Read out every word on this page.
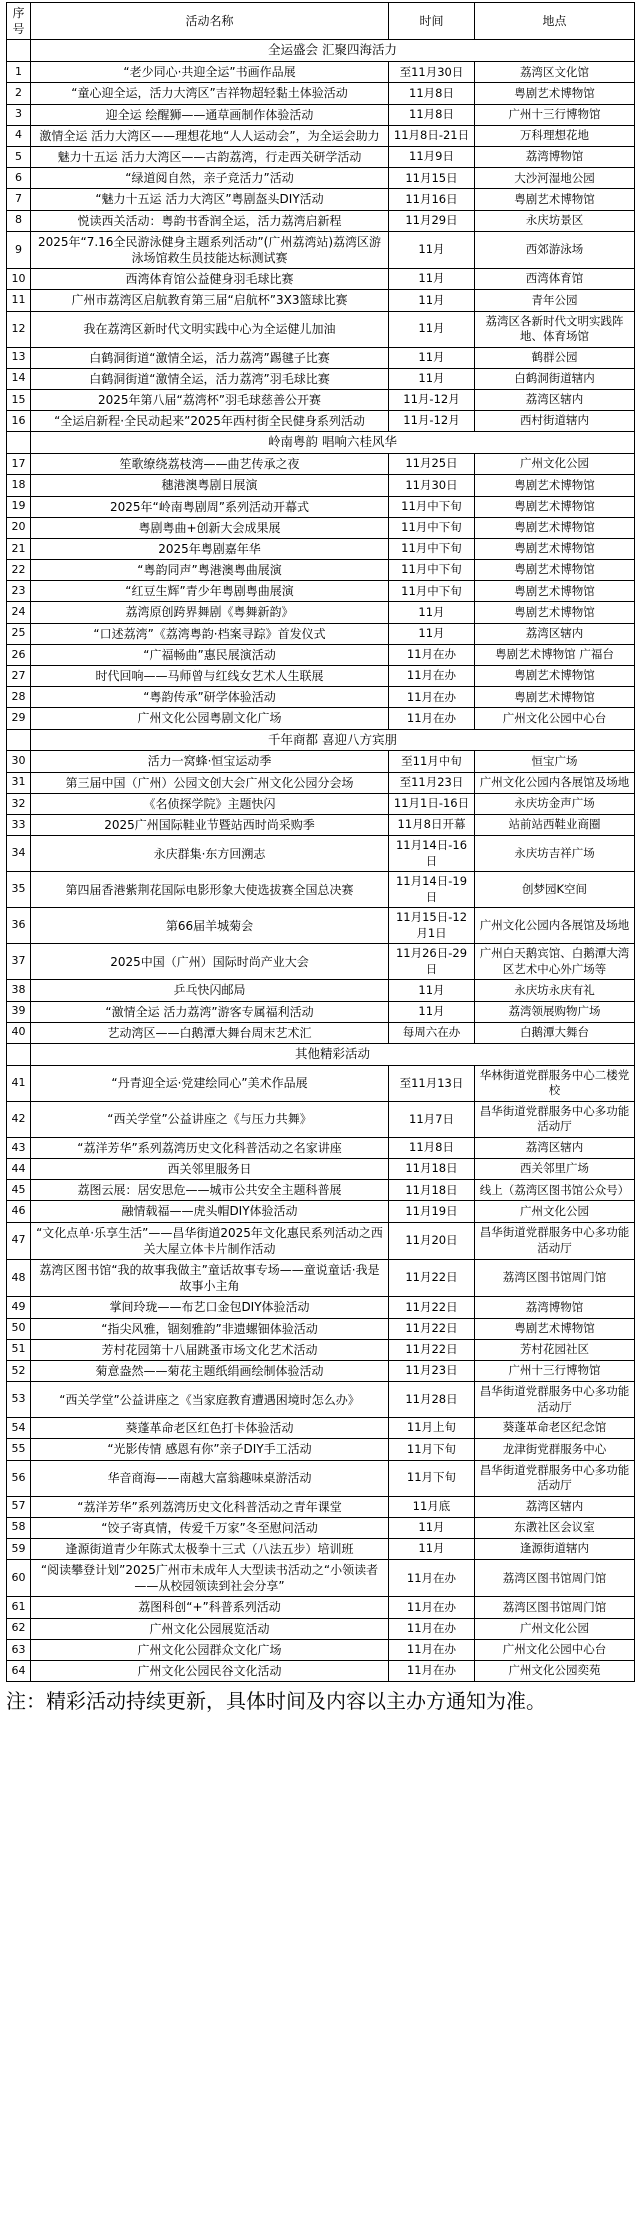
序号	活动名称	时间	地点
	全运盛会 汇聚四海活力		
1	“老少同心·共迎全运”书画作品展	至11月30日	荔湾区文化馆
2	“童心迎全运，活力大湾区”吉祥物超轻黏土体验活动	11月8日	粤剧艺术博物馆
3	迎全运 绘醒狮——通草画制作体验活动	11月8日	广州十三行博物馆
4	激情全运 活力大湾区——理想花地“人人运动会”，为全运会助力	11月8日-21日	万科理想花地
5	魅力十五运 活力大湾区——古韵荔湾，行走西关研学活动	11月9日	荔湾博物馆
6	“绿道阅自然，亲子竞活力”活动	11月15日	大沙河湿地公园
7	“魅力十五运 活力大湾区”粤剧盔头DIY活动	11月16日	粤剧艺术博物馆
8	悦读西关活动：粤韵书香润全运，活力荔湾启新程	11月29日	永庆坊景区
9	2025年“7.16全民游泳健身主题系列活动”(广州荔湾站)荔湾区游泳场馆救生员技能达标测试赛	11月	西郊游泳场
10	西湾体育馆公益健身羽毛球比赛	11月	西湾体育馆
11	广州市荔湾区启航教育第三届“启航杯”3X3篮球比赛	11月	青年公园
12	我在荔湾区新时代文明实践中心为全运健儿加油	11月	荔湾区各新时代文明实践阵地、体育场馆
13	白鹤洞街道“激情全运，活力荔湾”踢毽子比赛	11月	鹤群公园
14	白鹤洞街道“激情全运，活力荔湾”羽毛球比赛	11月	白鹤洞街道辖内
15	2025年第八届“荔湾杯”羽毛球慈善公开赛	11月-12月	荔湾区辖内
16	“全运启新程·全民动起来”2025年西村街全民健身系列活动	11月-12月	西村街道辖内
	岭南粤韵 唱响六桂风华		
17	笙歌缭绕荔枝湾——曲艺传承之夜	11月25日	广州文化公园
18	穗港澳粤剧日展演	11月30日	粤剧艺术博物馆
19	2025年“岭南粤剧周”系列活动开幕式	11月中下旬	粤剧艺术博物馆
20	粤剧粤曲+创新大会成果展	11月中下旬	粤剧艺术博物馆
21	2025年粤剧嘉年华	11月中下旬	粤剧艺术博物馆
22	“粤韵同声”粤港澳粤曲展演	11月中下旬	粤剧艺术博物馆
23	“红豆生辉”青少年粤剧粤曲展演	11月中下旬	粤剧艺术博物馆
24	荔湾原创跨界舞剧《粤舞新韵》	11月	粤剧艺术博物馆
25	“口述荔湾”《荔湾粤韵·档案寻踪》首发仪式	11月	荔湾区辖内
26	“广福畅曲”惠民展演活动	11月在办	粤剧艺术博物馆 广福台
27	时代回响——马师曾与红线女艺术人生联展	11月在办	粤剧艺术博物馆
28	“粤韵传承”研学体验活动	11月在办	粤剧艺术博物馆
29	广州文化公园粤剧文化广场	11月在办	广州文化公园中心台
	千年商都 喜迎八方宾朋		
30	活力一窝蜂·恒宝运动季	至11月中旬	恒宝广场
31	第三届中国（广州）公园文创大会广州文化公园分会场	至11月23日	广州文化公园内各展馆及场地
32	《名侦探学院》主题快闪	11月1日-16日	永庆坊金声广场
33	2025广州国际鞋业节暨站西时尚采购季	11月8日开幕	站前站西鞋业商圈
34	永庆群集·东方回溯志	11月14日-16日	永庆坊吉祥广场
35	第四届香港紫荆花国际电影形象大使选拔赛全国总决赛	11月14日-19日	创梦园K空间
36	第66届羊城菊会	11月15日-12月1日	广州文化公园内各展馆及场地
37	2025中国（广州）国际时尚产业大会	11月26日-29日	广州白天鹅宾馆、白鹅潭大湾区艺术中心外广场等
38	乒乓快闪邮局	11月	永庆坊永庆有礼
39	“激情全运 活力荔湾”游客专属福利活动	11月	荔湾领展购物广场
40	艺动湾区——白鹅潭大舞台周末艺术汇	每周六在办	白鹅潭大舞台
	其他精彩活动		
41	“丹青迎全运·党建绘同心”美术作品展	至11月13日	华林街道党群服务中心二楼党校
42	“西关学堂”公益讲座之《与压力共舞》	11月7日	昌华街道党群服务中心多功能活动厅
43	“荔洋芳华”系列荔湾历史文化科普活动之名家讲座	11月8日	荔湾区辖内
44	西关邻里服务日	11月18日	西关邻里广场
45	荔图云展：居安思危——城市公共安全主题科普展	11月18日	线上（荔湾区图书馆公众号）
46	融情载福——虎头帽DIY体验活动	11月19日	广州文化公园
47	“文化点单·乐享生活”——昌华街道2025年文化惠民系列活动之西关大屋立体卡片制作活动	11月20日	昌华街道党群服务中心多功能活动厅
48	荔湾区图书馆“我的故事我做主”童话故事专场——童说童话·我是故事小主角	11月22日	荔湾区图书馆周门馆
49	掌间玲珑——布艺口金包DIY体验活动	11月22日	荔湾博物馆
50	“指尖风雅，锢刻雅韵”非遗螺钿体验活动	11月22日	粤剧艺术博物馆
51	芳村花园第十八届跳蚤市场文化艺术活动	11月22日	芳村花园社区
52	菊意盎然——菊花主题纸绢画绘制体验活动	11月23日	广州十三行博物馆
53	“西关学堂”公益讲座之《当家庭教育遭遇困境时怎么办》	11月28日	昌华街道党群服务中心多功能活动厅
54	葵蓬革命老区红色打卡体验活动	11月上旬	葵蓬革命老区纪念馆
55	“光影传情 感恩有你”亲子DIY手工活动	11月下旬	龙津街党群服务中心
56	华音商海——南越大富翁趣味桌游活动	11月下旬	昌华街道党群服务中心多功能活动厅
57	“荔洋芳华”系列荔湾历史文化科普活动之青年课堂	11月底	荔湾区辖内
58	“饺子寄真情，传爱千万家”冬至慰问活动	11月	东漖社区会议室
59	逢源街道青少年陈式太极拳十三式（八法五步）培训班	11月	逢源街道辖内
60	“阅读攀登计划”2025广州市未成年人大型读书活动之“小领读者——从校园领读到社会分享”	11月在办	荔湾区图书馆周门馆
61	荔图科创“+”科普系列活动	11月在办	荔湾区图书馆周门馆
62	广州文化公园展览活动	11月在办	广州文化公园
63	广州文化公园群众文化广场	11月在办	广州文化公园中心台
64	广州文化公园民谷文化活动	11月在办	广州文化公园奕苑
注：精彩活动持续更新，具体时间及内容以主办方通知为准。
